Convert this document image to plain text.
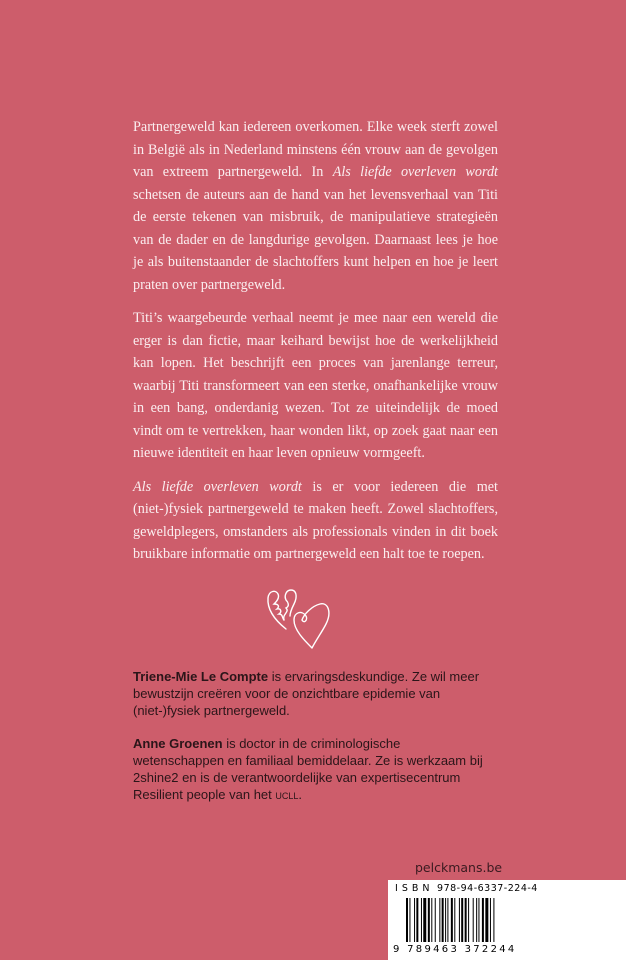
Partnergeweld kan iedereen overkomen. Elke week sterft zowel in België als in Nederland minstens één vrouw aan de gevolgen van extreem partnergeweld. In Als liefde overleven wordt schetsen de auteurs aan de hand van het levensverhaal van Titi de eerste tekenen van misbruik, de manipulatieve strategieën van de dader en de langdurige gevolgen. Daarnaast lees je hoe je als buitenstaander de slachtoffers kunt helpen en hoe je leert praten over partnergeweld.

Titi’s waargebeurde verhaal neemt je mee naar een wereld die erger is dan fictie, maar keihard bewijst hoe de werkelijkheid kan lopen. Het beschrijft een proces van jarenlange terreur, waarbij Titi transformeert van een sterke, onafhankelijke vrouw in een bang, onderdanig wezen. Tot ze uiteindelijk de moed vindt om te vertrekken, haar wonden likt, op zoek gaat naar een nieuwe identiteit en haar leven opnieuw vormgeeft.

Als liefde overleven wordt is er voor iedereen die met (niet-)fysiek partnergeweld te maken heeft. Zowel slachtoffers, geweldplegers, omstanders als professionals vinden in dit boek bruikbare informatie om partnergeweld een halt toe te roepen.

Triene-Mie Le Compte is ervaringsdeskundige. Ze wil meer bewustzijn creëren voor de onzichtbare epidemie van (niet-)fysiek partnergeweld.

Anne Groenen is doctor in de criminologische wetenschappen en familiaal bemiddelaar. Ze is werkzaam bij 2shine2 en is de verantwoordelijke van expertisecentrum Resilient people van het ucll.

pelckmans.be
I S B N  978-94-6337-224-4
9 789463 372244
